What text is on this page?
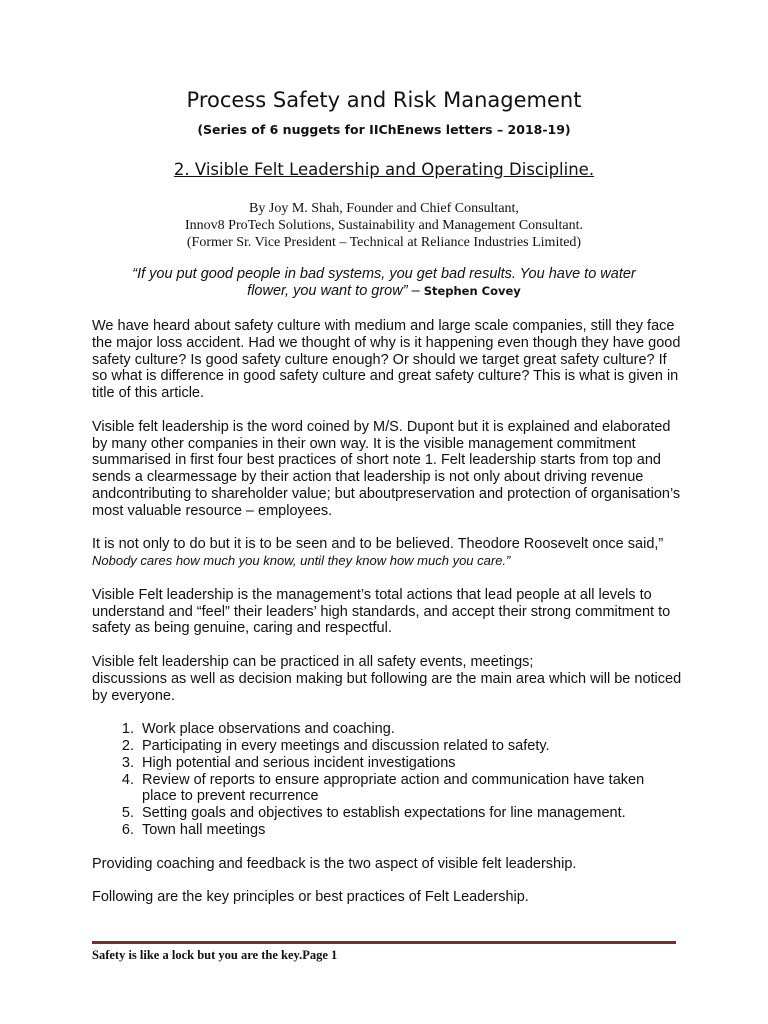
Process Safety and Risk Management
(Series of 6 nuggets for IIChEnews letters – 2018-19)
2. Visible Felt Leadership and Operating Discipline.
By Joy M. Shah, Founder and Chief Consultant,
Innov8 ProTech Solutions, Sustainability and Management Consultant.
(Former Sr. Vice President – Technical at Reliance Industries Limited)
“If you put good people in bad systems, you get bad results. You have to water flower, you want to grow” – Stephen Covey

We have heard about safety culture with medium and large scale companies, still they face the major loss accident. Had we thought of why is it happening even though they have good safety culture? Is good safety culture enough? Or should we target great safety culture? If so what is difference in good safety culture and great safety culture? This is what is given in title of this article.

Visible felt leadership is the word coined by M/S. Dupont but it is explained and elaborated by many other companies in their own way. It is the visible management commitment summarised in first four best practices of short note 1. Felt leadership starts from top and sends a clearmessage by their action that leadership is not only about driving revenue andcontributing to shareholder value; but aboutpreservation and protection of organisation’s most valuable resource – employees.

It is not only to do but it is to be seen and to be believed. Theodore Roosevelt once said,” Nobody cares how much you know, until they know how much you care.”

Visible Felt leadership is the management’s total actions that lead people at all levels to understand and “feel” their leaders’ high standards, and accept their strong commitment to safety as being genuine, caring and respectful.

Visible felt leadership can be practiced in all safety events, meetings;
discussions as well as decision making but following are the main area which will be noticed by everyone.

1. Work place observations and coaching.
2. Participating in every meetings and discussion related to safety.
3. High potential and serious incident investigations
4. Review of reports to ensure appropriate action and communication have taken place to prevent recurrence
5. Setting goals and objectives to establish expectations for line management.
6. Town hall meetings

Providing coaching and feedback is the two aspect of visible felt leadership.

Following are the key principles or best practices of Felt Leadership.

Safety is like a lock but you are the key.Page 1
